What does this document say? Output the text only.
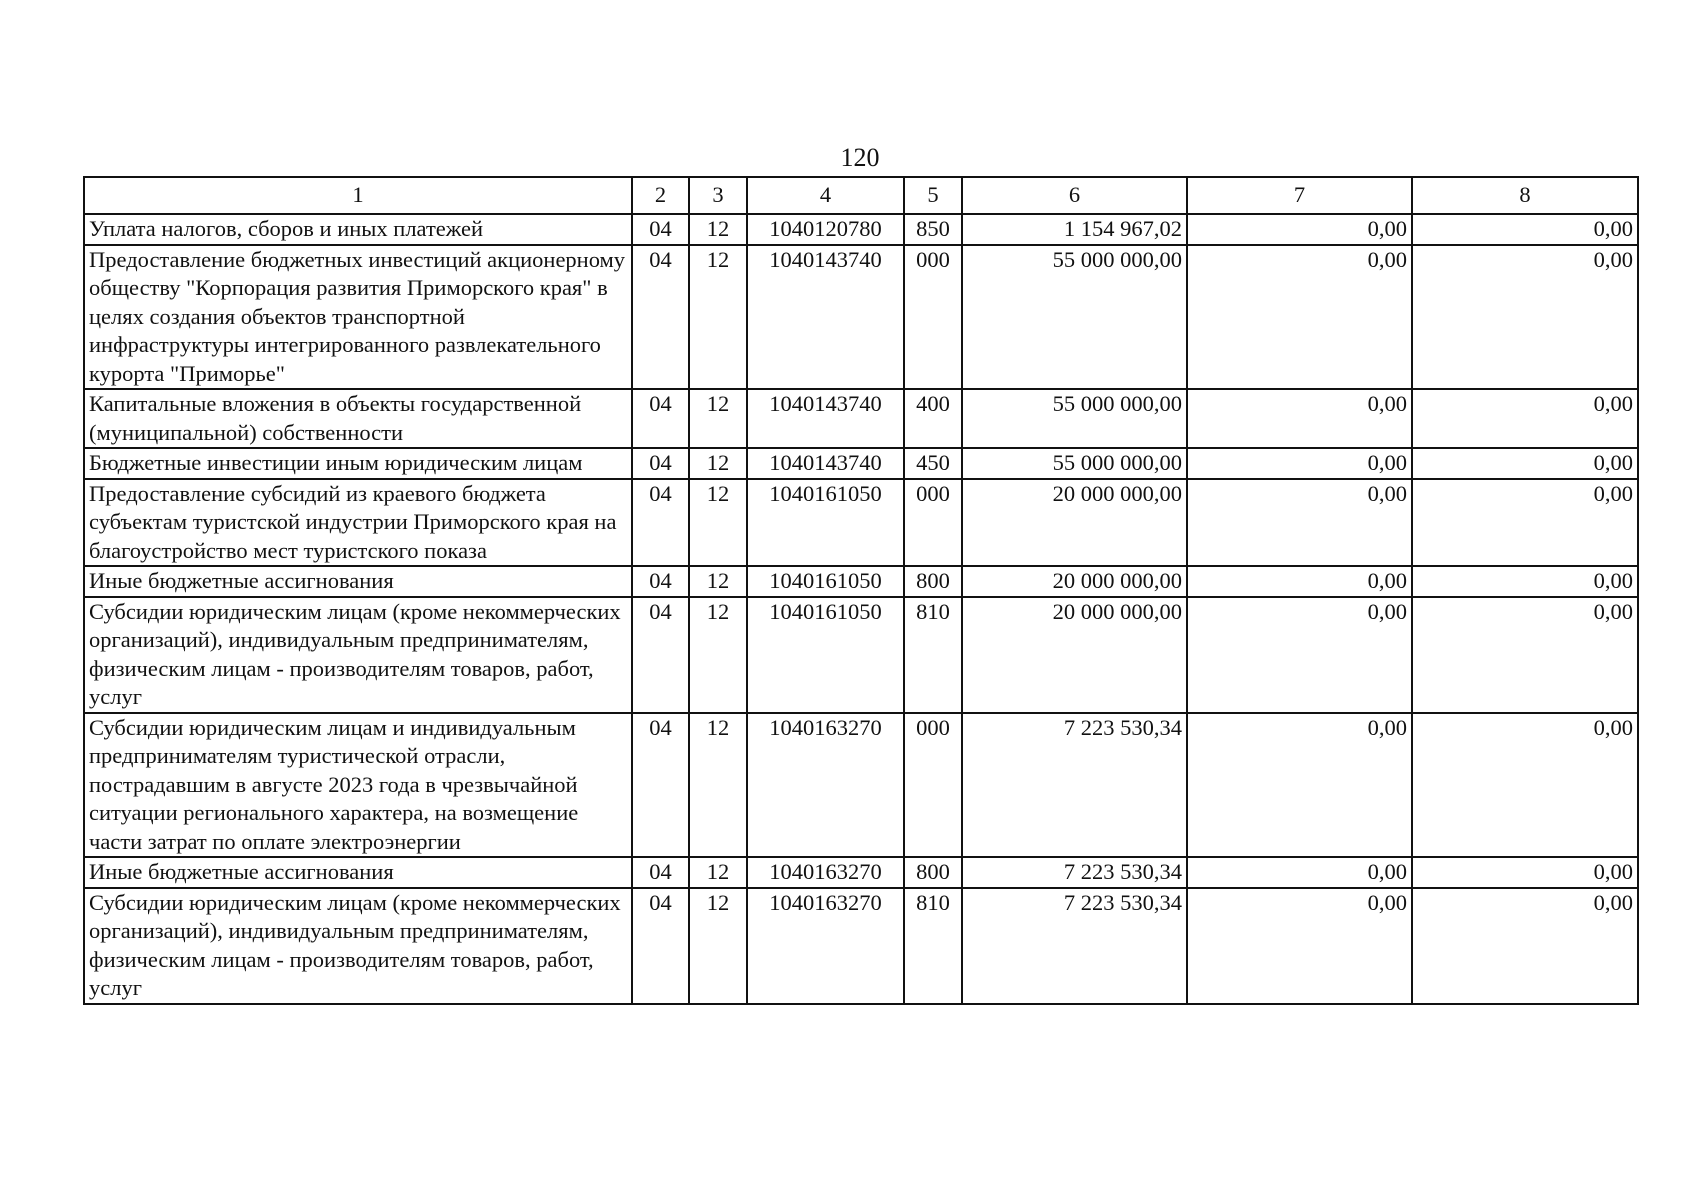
120
1	2	3	4	5	6	7	8
Уплата налогов, сборов и иных платежей	04	12	1040120780	850	1 154 967,02	0,00	0,00
Предоставление бюджетных инвестиций акционерному обществу "Корпорация развития Приморского края" в целях создания объектов транспортной инфраструктуры интегрированного развлекательного курорта "Приморье"	04	12	1040143740	000	55 000 000,00	0,00	0,00
Капитальные вложения в объекты государственной (муниципальной) собственности	04	12	1040143740	400	55 000 000,00	0,00	0,00
Бюджетные инвестиции иным юридическим лицам	04	12	1040143740	450	55 000 000,00	0,00	0,00
Предоставление субсидий из краевого бюджета субъектам туристской индустрии Приморского края на благоустройство мест туристского показа	04	12	1040161050	000	20 000 000,00	0,00	0,00
Иные бюджетные ассигнования	04	12	1040161050	800	20 000 000,00	0,00	0,00
Субсидии юридическим лицам (кроме некоммерческих организаций), индивидуальным предпринимателям, физическим лицам - производителям товаров, работ, услуг	04	12	1040161050	810	20 000 000,00	0,00	0,00
Субсидии юридическим лицам и индивидуальным предпринимателям туристической отрасли, пострадавшим в августе 2023 года в чрезвычайной ситуации регионального характера, на возмещение части затрат по оплате электроэнергии	04	12	1040163270	000	7 223 530,34	0,00	0,00
Иные бюджетные ассигнования	04	12	1040163270	800	7 223 530,34	0,00	0,00
Субсидии юридическим лицам (кроме некоммерческих организаций), индивидуальным предпринимателям, физическим лицам - производителям товаров, работ, услуг	04	12	1040163270	810	7 223 530,34	0,00	0,00
